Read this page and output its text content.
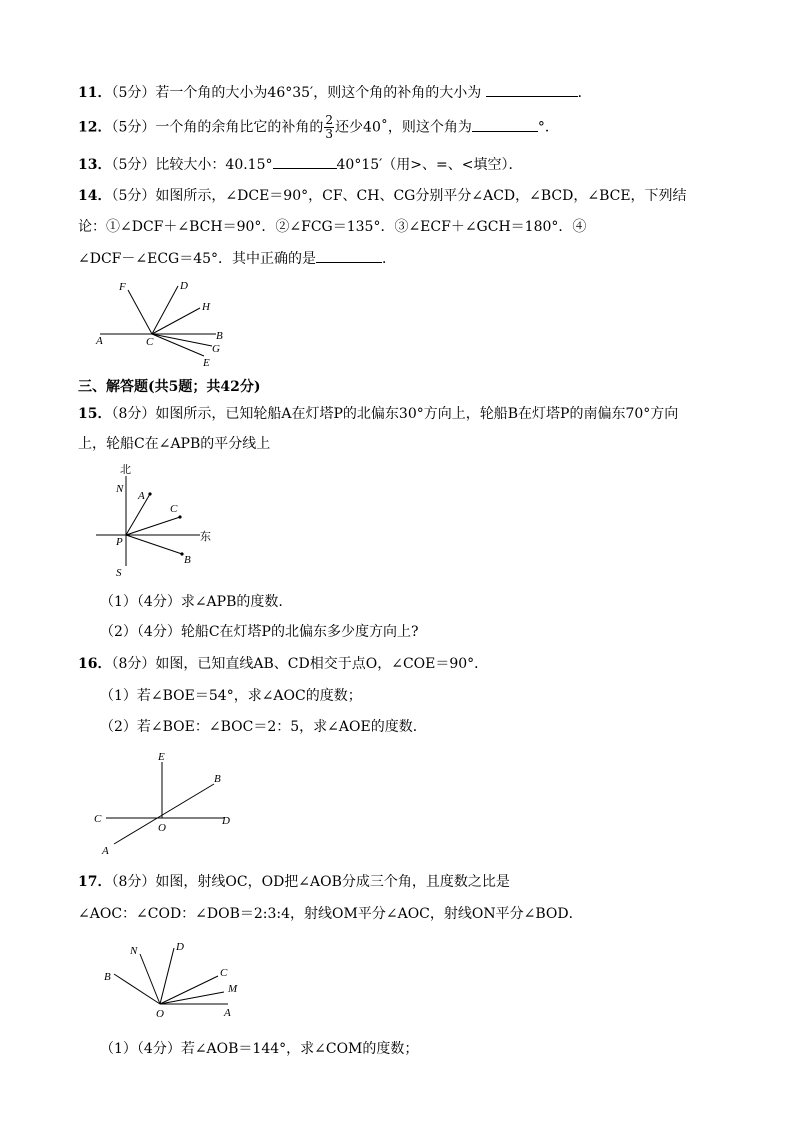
11．（5分）若一个角的大小为46°35′，则这个角的补角的大小为	．
12．（5分）一个角的余角比它的补角的 $\frac{2}{3}$ 还少40˚，则这个角为	°．
13．（5分）比较大小：40.15°	40°15′（用>、=、<填空）．
14．（5分）如图所示，∠DCE＝90°，CF、CH、CG分别平分∠ACD，∠BCD，∠BCE，下列结
论：①∠DCF＋∠BCH＝90°．②∠FCG＝135°．③∠ECF＋∠GCH＝180°．④
∠DCF－∠ECG＝45°．其中正确的是	．
F	D
H
B
G
E
A	C
三、解答题(共5题；共42分)
15．（8分）如图所示，已知轮船A在灯塔P的北偏东30°方向上，轮船B在灯塔P的南偏东70°方向
上，轮船C在∠APB的平分线上
北
N
A
C
东
P
B
S
（1）（4分）求∠APB的度数.
（2）（4分）轮船C在灯塔P的北偏东多少度方向上?
16．（8分）如图，已知直线AB、CD相交于点O，∠COE＝90°．
（1）若∠BOE＝54°，求∠AOC的度数；
（2）若∠BOE：∠BOC＝2：5，求∠AOE的度数．
E
B
C	D
O
A
17．（8分）如图，射线OC，OD把∠AOB分成三个角，且度数之比是
∠AOC：∠COD：∠DOB＝2:3:4，射线OM平分∠AOC，射线ON平分∠BOD．
N	D
B	C
M
A
O
（1）（4分）若∠AOB＝144°，求∠COM的度数；
